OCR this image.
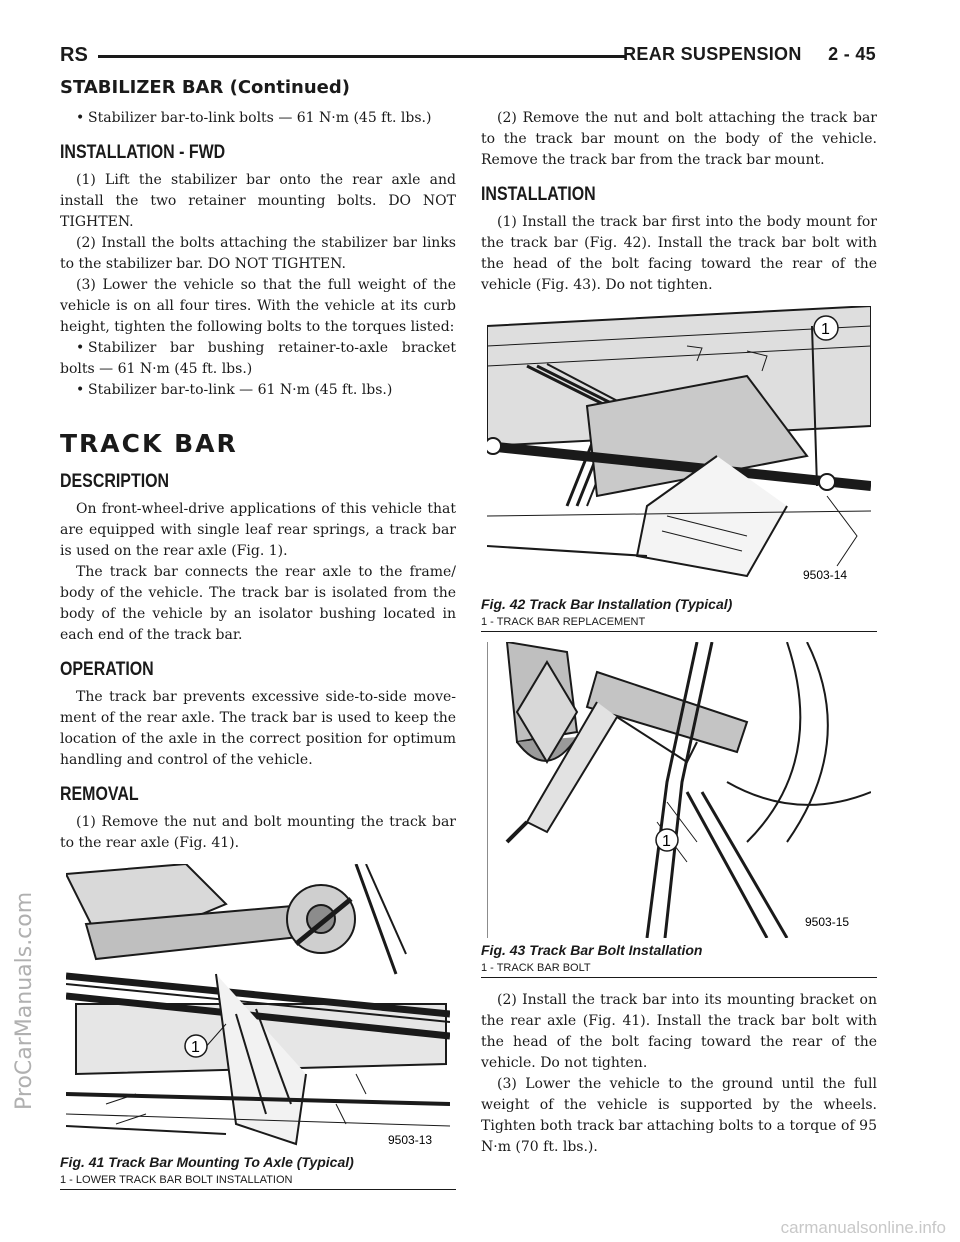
RS	REAR SUSPENSION     2 - 45
STABILIZER BAR (Continued)
ProCarManuals.com
• Stabilizer bar-to-link bolts — 61 N·m (45 ft. lbs.)
INSTALLATION - FWD
(1) Lift the stabilizer bar onto the rear axle and install the two retainer mounting bolts. DO NOT TIGHTEN.
(2) Install the bolts attaching the stabilizer bar links to the stabilizer bar. DO NOT TIGHTEN.
(3) Lower the vehicle so that the full weight of the vehicle is on all four tires. With the vehicle at its curb height, tighten the following bolts to the torques listed:
• Stabilizer bar bushing retainer-to-axle bracket bolts — 61 N·m (45 ft. lbs.)
• Stabilizer bar-to-link — 61 N·m (45 ft. lbs.)
TRACK BAR
DESCRIPTION
On front-wheel-drive applications of this vehicle that are equipped with single leaf rear springs, a track bar is used on the rear axle (Fig. 1).
The track bar connects the rear axle to the frame/ body of the vehicle. The track bar is isolated from the body of the vehicle by an isolator bushing located in each end of the track bar.
OPERATION
The track bar prevents excessive side-to-side move- ment of the rear axle. The track bar is used to keep the location of the axle in the correct position for optimum handling and control of the vehicle.
REMOVAL
(1) Remove the nut and bolt mounting the track bar to the rear axle (Fig. 41).
1
9503-13
Fig. 41 Track Bar Mounting To Axle (Typical)
1 - LOWER TRACK BAR BOLT INSTALLATION
(2) Remove the nut and bolt attaching the track bar to the track bar mount on the body of the vehicle. Remove the track bar from the track bar mount.
INSTALLATION
(1) Install the track bar first into the body mount for the track bar (Fig. 42). Install the track bar bolt with the head of the bolt facing toward the rear of the vehicle (Fig. 43). Do not tighten.
1
9503-14
Fig. 42 Track Bar Installation (Typical)
1 - TRACK BAR REPLACEMENT
1
9503-15
Fig. 43 Track Bar Bolt Installation
1 - TRACK BAR BOLT
(2) Install the track bar into its mounting bracket on the rear axle (Fig. 41). Install the track bar bolt with the head of the bolt facing toward the rear of the vehicle. Do not tighten.
(3) Lower the vehicle to the ground until the full weight of the vehicle is supported by the wheels. Tighten both track bar attaching bolts to a torque of 95 N·m (70 ft. lbs.).
carmanualsonline.info
